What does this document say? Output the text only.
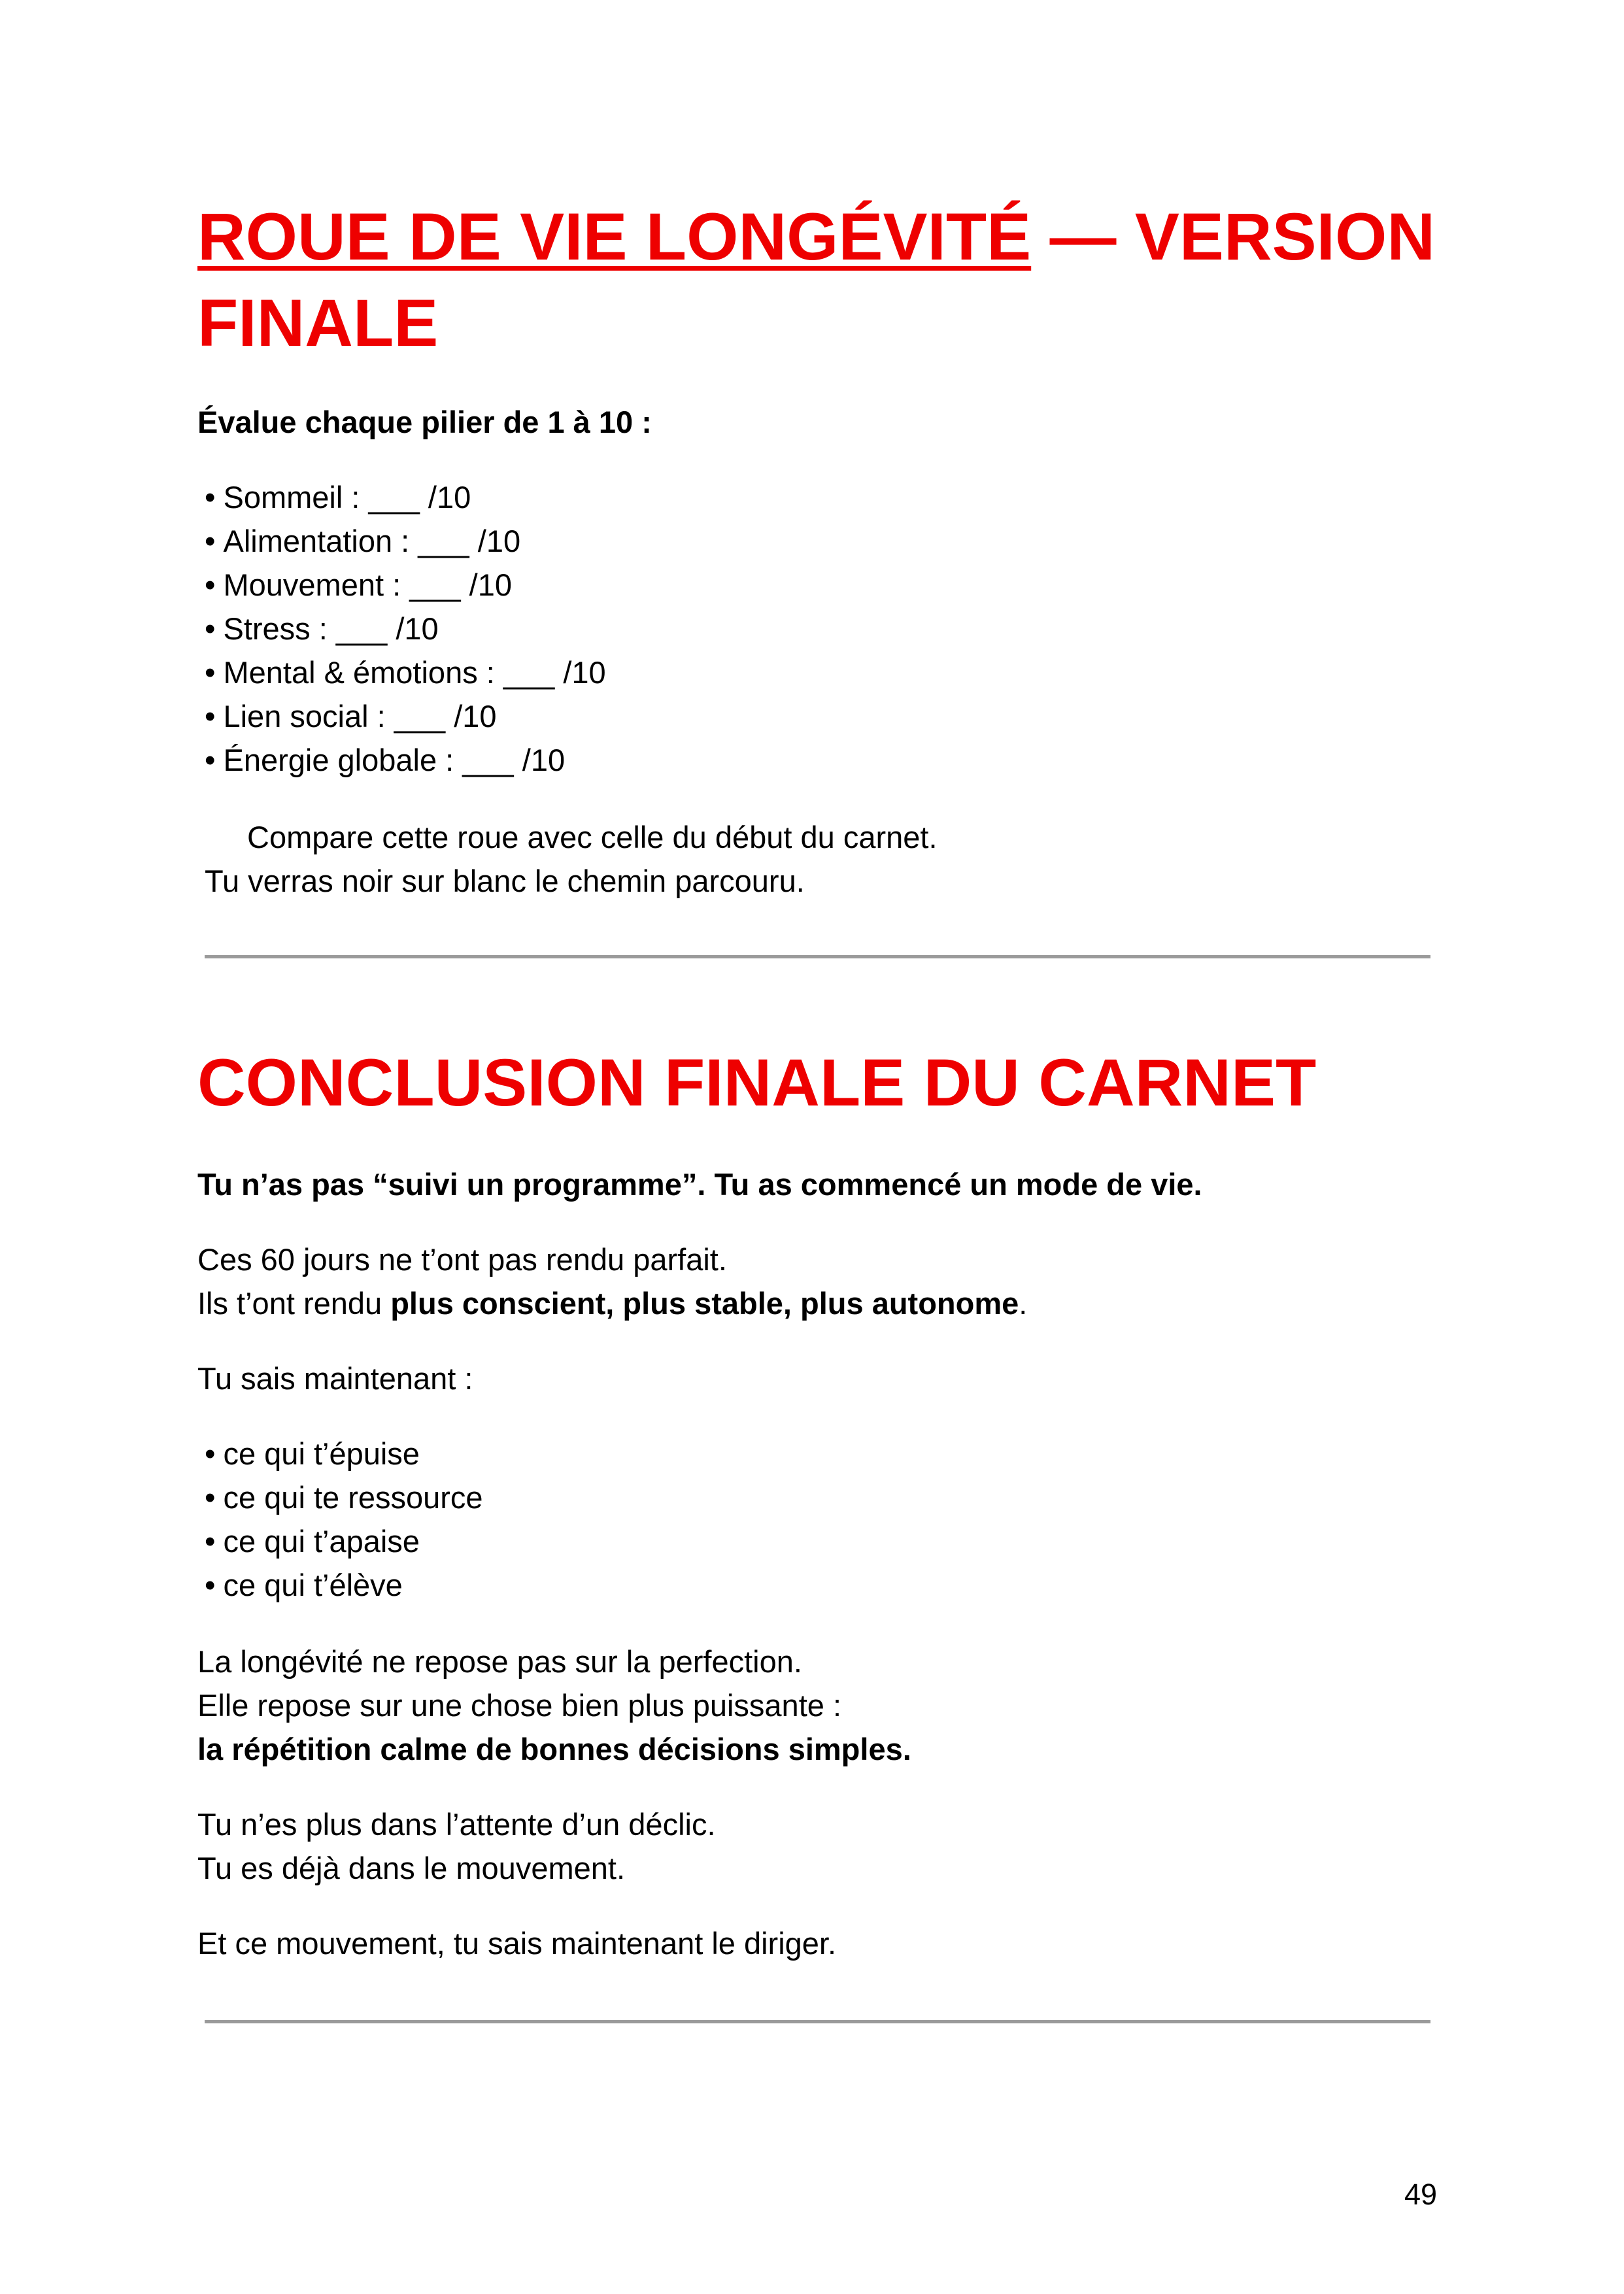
ROUE DE VIE LONGÉVITÉ — VERSION
FINALE
Évalue chaque pilier de 1 à 10 :
• Sommeil : ___ /10
• Alimentation : ___ /10
• Mouvement : ___ /10
• Stress : ___ /10
• Mental & émotions : ___ /10
• Lien social : ___ /10
• Énergie globale : ___ /10
Compare cette roue avec celle du début du carnet.
Tu verras noir sur blanc le chemin parcouru.
CONCLUSION FINALE DU CARNET
Tu n’as pas “suivi un programme”. Tu as commencé un mode de vie.
Ces 60 jours ne t’ont pas rendu parfait.
Ils t’ont rendu plus conscient, plus stable, plus autonome.
Tu sais maintenant :
• ce qui t’épuise
• ce qui te ressource
• ce qui t’apaise
• ce qui t’élève
La longévité ne repose pas sur la perfection.
Elle repose sur une chose bien plus puissante :
la répétition calme de bonnes décisions simples.
Tu n’es plus dans l’attente d’un déclic.
Tu es déjà dans le mouvement.
Et ce mouvement, tu sais maintenant le diriger.
49
